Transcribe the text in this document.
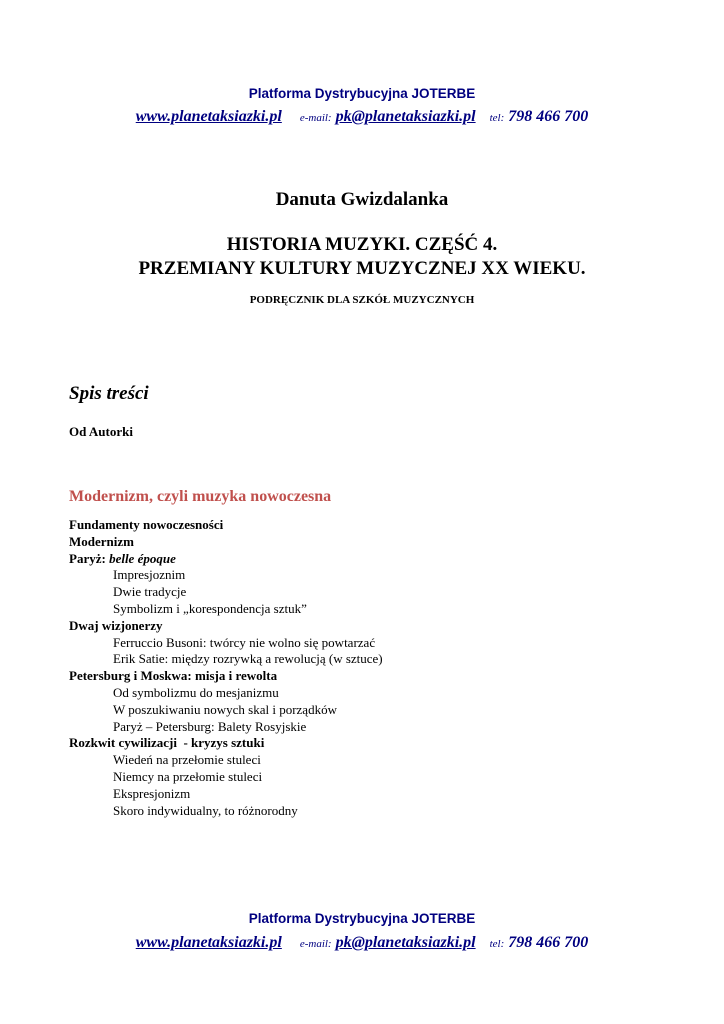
Platforma Dystrybucyjna JOTERBE
www.planetaksiazki.pl e-mail: pk@planetaksiazki.pl tel: 798 466 700
Danuta Gwizdalanka
HISTORIA MUZYKI. CZĘŚĆ 4.
PRZEMIANY KULTURY MUZYCZNEJ XX WIEKU.
PODRĘCZNIK DLA SZKÓŁ MUZYCZNYCH
Spis treści
Od Autorki
Modernizm, czyli muzyka nowoczesna
Fundamenty nowoczesności
Modernizm
Paryż: belle époque
Impresjoznim
Dwie tradycje
Symbolizm i „korespondencja sztuk”
Dwaj wizjonerzy
Ferruccio Busoni: twórcy nie wolno się powtarzać
Erik Satie: między rozrywką a rewolucją (w sztuce)
Petersburg i Moskwa: misja i rewolta
Od symbolizmu do mesjanizmu
W poszukiwaniu nowych skal i porządków
Paryż – Petersburg: Balety Rosyjskie
Rozkwit cywilizacji  - kryzys sztuki
Wiedeń na przełomie stuleci
Niemcy na przełomie stuleci
Ekspresjonizm
Skoro indywidualny, to różnorodny
Platforma Dystrybucyjna JOTERBE
www.planetaksiazki.pl e-mail: pk@planetaksiazki.pl tel: 798 466 700
